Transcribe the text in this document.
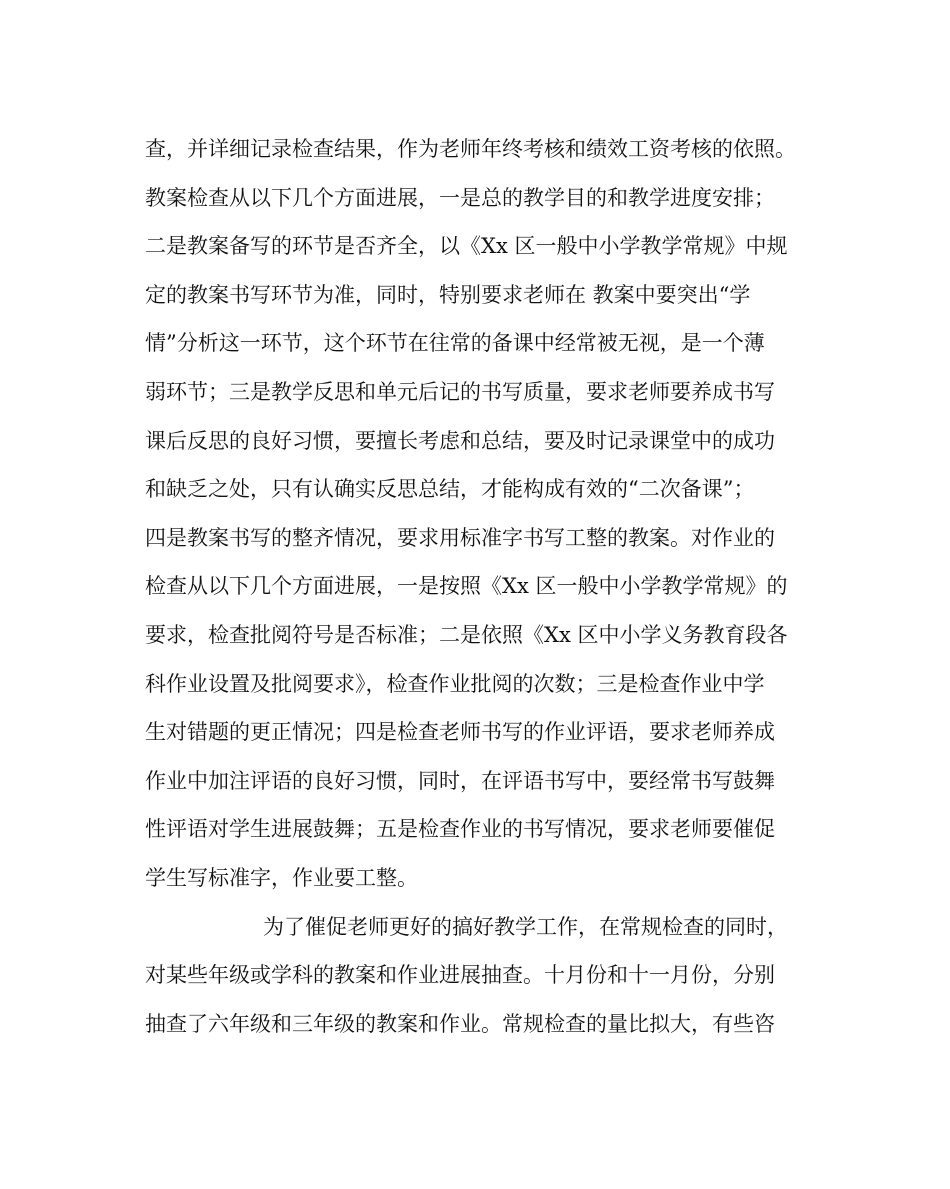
查，并详细记录检查结果，作为老师年终考核和绩效工资考核的依照。
教案检查从以下几个方面进展，一是总的教学目的和教学进度安排；
二是教案备写的环节是否齐全，以《Xx 区一般中小学教学常规》中规
定的教案书写环节为准，同时，特别要求老师在 教案中要突出“学
情”分析这一环节，这个环节在往常的备课中经常被无视，是一个薄
弱环节；三是教学反思和单元后记的书写质量，要求老师要养成书写
课后反思的良好习惯，要擅长考虑和总结，要及时记录课堂中的成功
和缺乏之处，只有认确实反思总结，才能构成有效的“二次备课”；
四是教案书写的整齐情况，要求用标准字书写工整的教案。对作业的
检查从以下几个方面进展，一是按照《Xx 区一般中小学教学常规》的
要求，检查批阅符号是否标准；二是依照《Xx 区中小学义务教育段各
科作业设置及批阅要求》，检查作业批阅的次数；三是检查作业中学
生对错题的更正情况；四是检查老师书写的作业评语，要求老师养成
作业中加注评语的良好习惯，同时，在评语书写中，要经常书写鼓舞
性评语对学生进展鼓舞；五是检查作业的书写情况，要求老师要催促
学生写标准字，作业要工整。
为了催促老师更好的搞好教学工作，在常规检查的同时，
对某些年级或学科的教案和作业进展抽查。十月份和十一月份，分别
抽查了六年级和三年级的教案和作业。常规检查的量比拟大，有些咨
